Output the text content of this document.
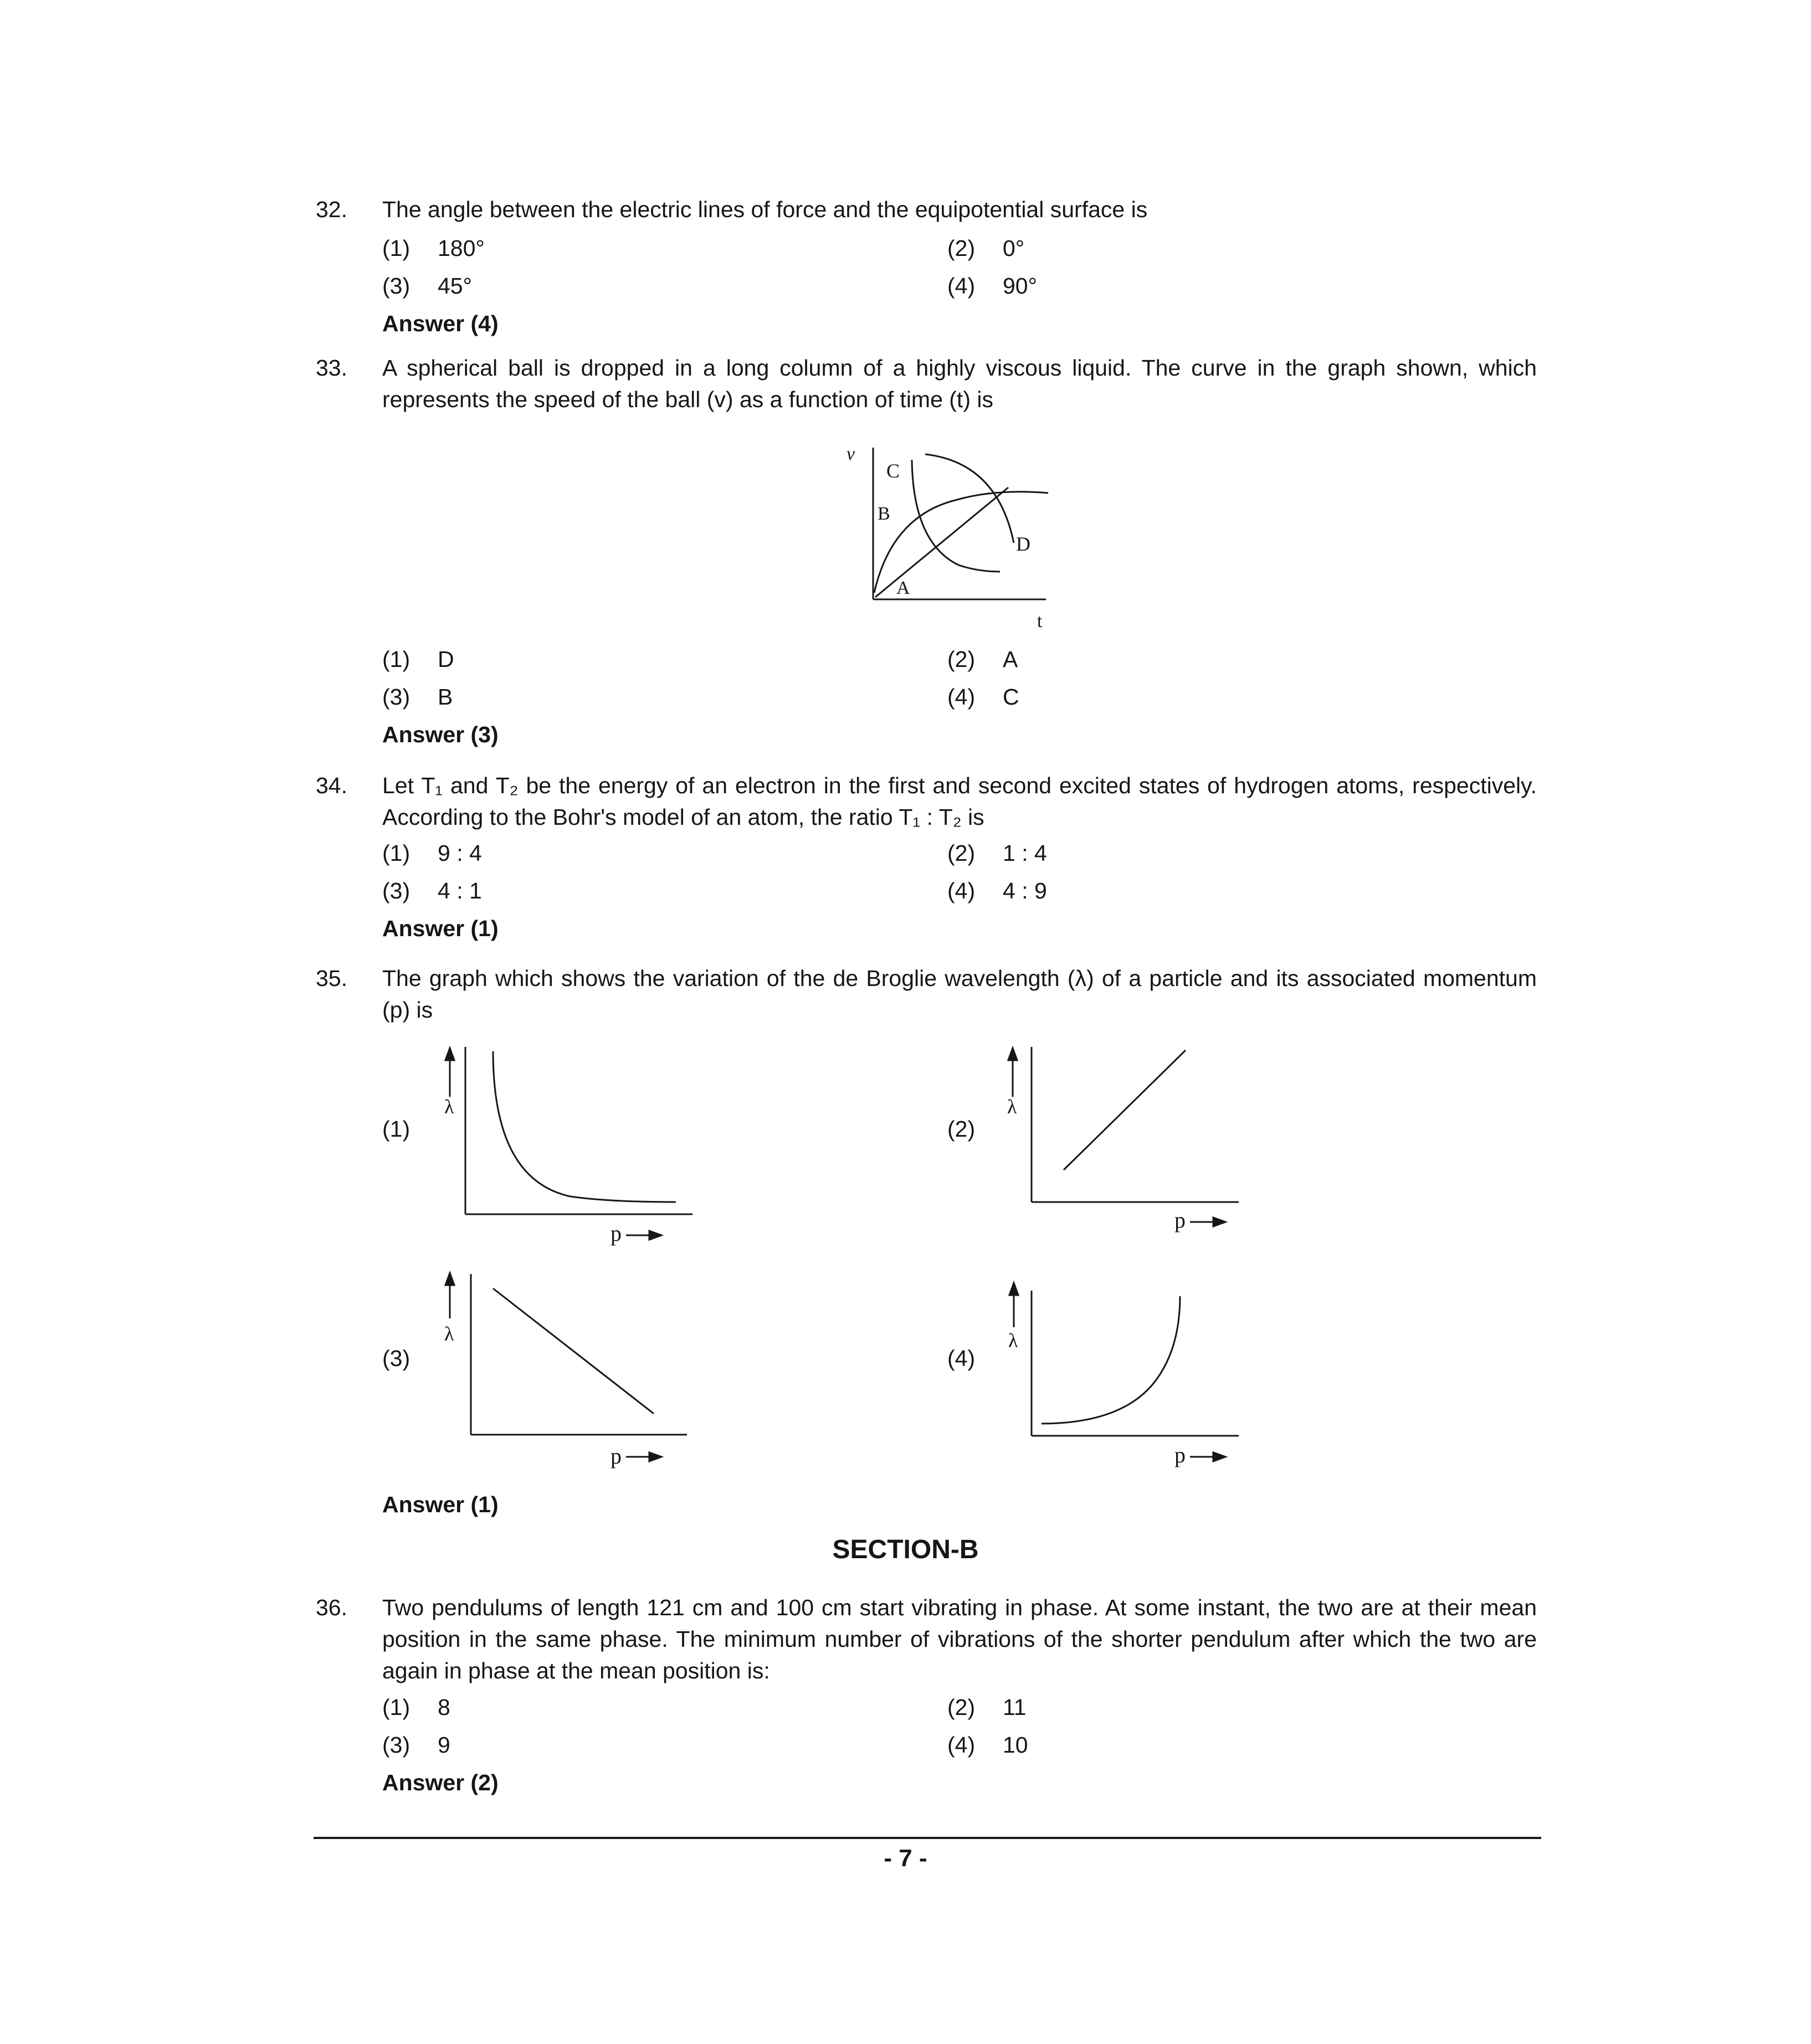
32. The angle between the electric lines of force and the equipotential surface is
(1) 180°	(2) 0°
(3) 45°	(4) 90°
Answer (4)
33. A spherical ball is dropped in a long column of a highly viscous liquid. The curve in the graph shown, which represents the speed of the ball (v) as a function of time (t) is
v
t
C
B
D
A
(1) D	(2) A
(3) B	(4) C
Answer (3)
34. Let T₁ and T₂ be the energy of an electron in the first and second excited states of hydrogen atoms, respectively. According to the Bohr's model of an atom, the ratio T₁ : T₂ is
(1) 9 : 4	(2) 1 : 4
(3) 4 : 1	(4) 4 : 9
Answer (1)
35. The graph which shows the variation of the de Broglie wavelength (λ) of a particle and its associated momentum (p) is
(1)
λ
p
(2)
λ
p
(3)
λ
p
(4)
λ
p
Answer (1)
SECTION-B
36. Two pendulums of length 121 cm and 100 cm start vibrating in phase. At some instant, the two are at their mean position in the same phase. The minimum number of vibrations of the shorter pendulum after which the two are again in phase at the mean position is:
(1) 8	(2) 11
(3) 9	(4) 10
Answer (2)
- 7 -
